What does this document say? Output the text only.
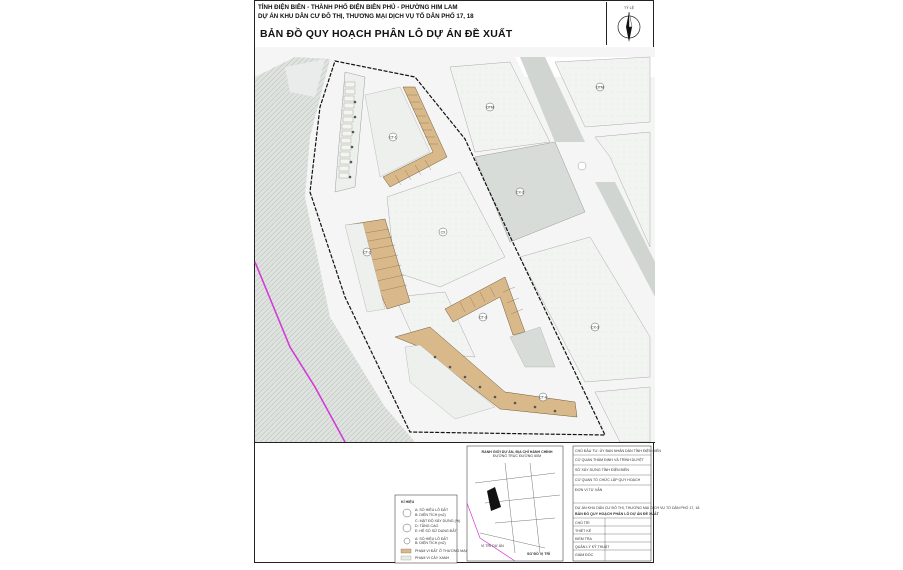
TỈNH ĐIỆN BIÊN - THÀNH PHỐ ĐIỆN BIÊN PHỦ - PHƯỜNG HIM LAM
DỰ ÁN KHU DÂN CƯ ĐÔ THỊ, THƯƠNG MẠI DỊCH VỤ TỔ DÂN PHỐ 17, 18
BẢN ĐỒ QUY HOẠCH PHÂN LÔ DỰ ÁN ĐỀ XUẤT
TỶ LỆ
CT-1
CT-2
CX
CT-3
CT-4
CX-2
OTM
OTM
CX-3
KÍ HIỆU
A: SỐ HIỆU LÔ ĐẤT
B: DIỆN TÍCH (m2)
C: MẬT ĐỘ XÂY DỰNG (%)
D: TẦNG CAO
E: HỆ SỐ SỬ DỤNG ĐẤT
A: SỐ HIỆU LÔ ĐẤT
B: DIỆN TÍCH (m2)
PHẠM VI ĐẤT Ở THƯƠNG MẠI
PHẠM VI CÂY XANH
RANH GIỚI DỰ ÁN, ĐỊA CHỈ HÀNH CHÍNH
ĐƯỜNG TRỤC ĐƯỜNG 60M
VỊ TRÍ DỰ ÁN
SƠ ĐỒ VỊ TRÍ
CHỦ ĐẦU TƯ: ỦY BAN NHÂN DÂN TỈNH ĐIỆN BIÊN
CƠ QUAN THẨM ĐỊNH VÀ TRÌNH DUYỆT
SỞ XÂY DỰNG TỈNH ĐIỆN BIÊN
CƠ QUAN TỔ CHỨC LẬP QUY HOẠCH
ĐƠN VỊ TƯ VẤN
DỰ ÁN KHU DÂN CƯ ĐÔ THỊ, THƯƠNG MẠI DỊCH VỤ TỔ DÂN PHỐ 17, 18
BẢN ĐỒ QUY HOẠCH PHÂN LÔ DỰ ÁN ĐỀ XUẤT
CHỦ TRÌ
THIẾT KẾ
KIỂM TRA
QUẢN LÝ KỸ THUẬT
GIÁM ĐỐC
